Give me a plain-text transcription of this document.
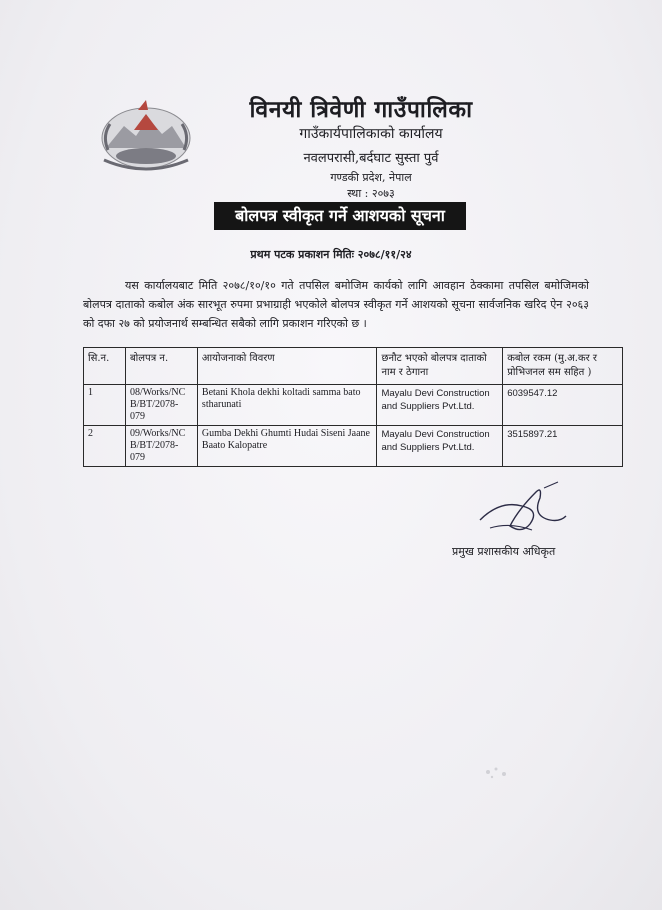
विनयी त्रिवेणी गाउँपालिका
गाउँकार्यपालिकाको कार्यालय
नवलपरासी,बर्दघाट सुस्ता पुर्व
गण्डकी प्रदेश, नेपाल
स्था : २०७३
बोलपत्र स्वीकृत गर्ने आशयको सूचना
प्रथम पटक प्रकाशन मितिः २०७८/११/२४

यस कार्यालयबाट मिति २०७८/१०/१० गते तपसिल बमोजिम कार्यको लागि आवहान ठेक्कामा तपसिल बमोजिमको बोलपत्र दाताको कबोल अंक सारभूत रुपमा प्रभाग्राही भएकोले बोलपत्र स्वीकृत गर्ने आशयको सूचना सार्वजनिक खरिद ऐन २०६३ को दफा २७ को प्रयोजनार्थ सम्बन्धित सबैको लागि प्रकाशन गरिएको छ ।

सि.न.	बोलपत्र न.	आयोजनाको विवरण	छनौट भएको बोलपत्र दाताको नाम र ठेगाना	कबोल रकम (मु.अ.कर र प्रोभिजनल सम सहित )
1	08/Works/NC B/BT/2078-079	Betani Khola dekhi koltadi samma bato stharunati	Mayalu Devi Construction and Suppliers Pvt.Ltd.	6039547.12
2	09/Works/NC B/BT/2078-079	Gumba Dekhi Ghumti Hudai Siseni Jaane Baato Kalopatre	Mayalu Devi Construction and Suppliers Pvt.Ltd.	3515897.21
प्रमुख प्रशासकीय अधिकृत
